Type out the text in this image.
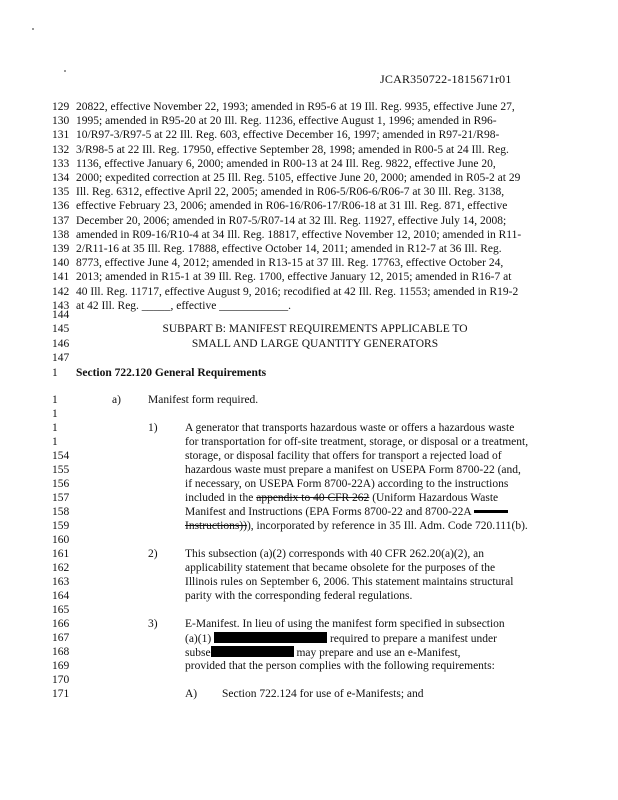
JCAR350722-1815671r01
129 20822, effective November 22, 1993; amended in R95-6 at 19 Ill. Reg. 9935, effective June 27,
130 1995; amended in R95-20 at 20 Ill. Reg. 11236, effective August 1, 1996; amended in R96-
131 10/R97-3/R97-5 at 22 Ill. Reg. 603, effective December 16, 1997; amended in R97-21/R98-
132 3/R98-5 at 22 Ill. Reg. 17950, effective September 28, 1998; amended in R00-5 at 24 Ill. Reg.
133 1136, effective January 6, 2000; amended in R00-13 at 24 Ill. Reg. 9822, effective June 20,
134 2000; expedited correction at 25 Ill. Reg. 5105, effective June 20, 2000; amended in R05-2 at 29
135 Ill. Reg. 6312, effective April 22, 2005; amended in R06-5/R06-6/R06-7 at 30 Ill. Reg. 3138,
136 effective February 23, 2006; amended in R06-16/R06-17/R06-18 at 31 Ill. Reg. 871, effective
137 December 20, 2006; amended in R07-5/R07-14 at 32 Ill. Reg. 11927, effective July 14, 2008;
138 amended in R09-16/R10-4 at 34 Ill. Reg. 18817, effective November 12, 2010; amended in R11-
139 2/R11-16 at 35 Ill. Reg. 17888, effective October 14, 2011; amended in R12-7 at 36 Ill. Reg.
140 8773, effective June 4, 2012; amended in R13-15 at 37 Ill. Reg. 17763, effective October 24,
141 2013; amended in R15-1 at 39 Ill. Reg. 1700, effective January 12, 2015; amended in R16-7 at
142 40 Ill. Reg. 11717, effective August 9, 2016; recodified at 42 Ill. Reg. 11553; amended in R19-2
143 at 42 Ill. Reg. _____, effective ____________.
144
145
146
147
1
1
1
1
1
154
155
156
157
158
159
160
161
162
163
164
165
166
167
168
169
170
171
SUBPART B: MANIFEST REQUIREMENTS APPLICABLE TO
SMALL AND LARGE QUANTITY GENERATORS
Section 722.120 General Requirements
a) Manifest form required.
1) A generator that transports hazardous waste or offers a hazardous waste
for transportation for off-site treatment, storage, or disposal or a treatment,
storage, or disposal facility that offers for transport a rejected load of
hazardous waste must prepare a manifest on USEPA Form 8700-22 (and,
if necessary, on USEPA Form 8700-22A) according to the instructions
included in the appendix to 40 CFR 262 (Uniform Hazardous Waste
Manifest and Instructions (EPA Forms 8700-22 and 8700-22A
Instructions))), incorporated by reference in 35 Ill. Adm. Code 720.111(b).
2) This subsection (a)(2) corresponds with 40 CFR 262.20(a)(2), an
applicability statement that became obsolete for the purposes of the
Illinois rules on September 6, 2006. This statement maintains structural
parity with the corresponding federal regulations.
3) E-Manifest. In lieu of using the manifest form specified in subsection
(a)(1)	required to prepare a manifest under
subse	may prepare and use an e-Manifest,
provided that the person complies with the following requirements:
A) Section 722.124 for use of e-Manifests; and
